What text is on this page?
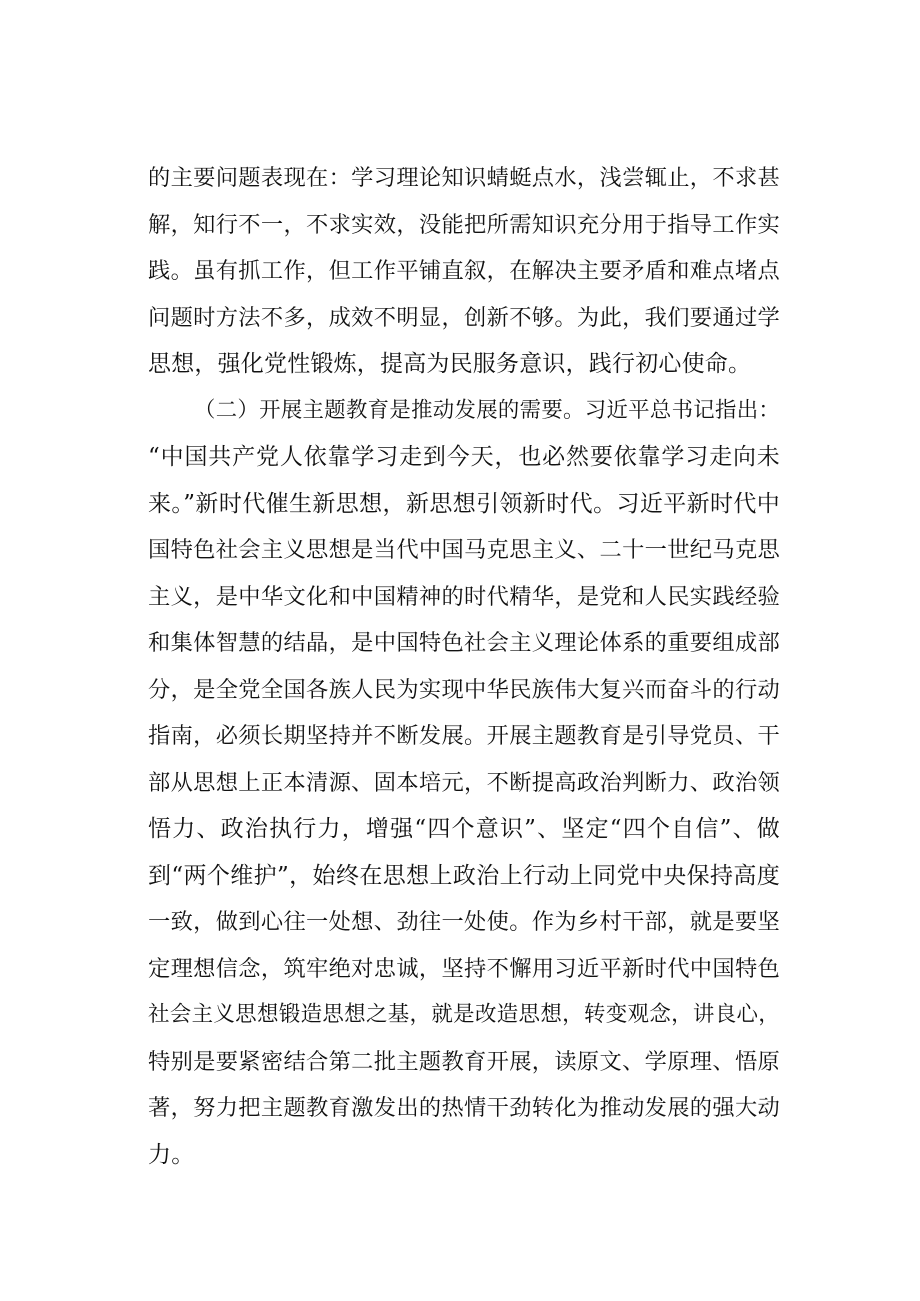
的主要问题表现在：学习理论知识蜻蜓点水，浅尝辄止，不求甚
解，知行不一，不求实效，没能把所需知识充分用于指导工作实
践。虽有抓工作，但工作平铺直叙，在解决主要矛盾和难点堵点
问题时方法不多，成效不明显，创新不够。为此，我们要通过学
思想，强化党性锻炼，提高为民服务意识，践行初心使命。
（二）开展主题教育是推动发展的需要。习近平总书记指出：
“中国共产党人依靠学习走到今天，也必然要依靠学习走向未
来。”新时代催生新思想，新思想引领新时代。习近平新时代中
国特色社会主义思想是当代中国马克思主义、二十一世纪马克思
主义，是中华文化和中国精神的时代精华，是党和人民实践经验
和集体智慧的结晶，是中国特色社会主义理论体系的重要组成部
分，是全党全国各族人民为实现中华民族伟大复兴而奋斗的行动
指南，必须长期坚持并不断发展。开展主题教育是引导党员、干
部从思想上正本清源、固本培元，不断提高政治判断力、政治领
悟力、政治执行力，增强“四个意识”、坚定“四个自信”、做
到“两个维护”，始终在思想上政治上行动上同党中央保持高度
一致，做到心往一处想、劲往一处使。作为乡村干部，就是要坚
定理想信念，筑牢绝对忠诚，坚持不懈用习近平新时代中国特色
社会主义思想锻造思想之基，就是改造思想，转变观念，讲良心，
特别是要紧密结合第二批主题教育开展，读原文、学原理、悟原
著，努力把主题教育激发出的热情干劲转化为推动发展的强大动
力。
